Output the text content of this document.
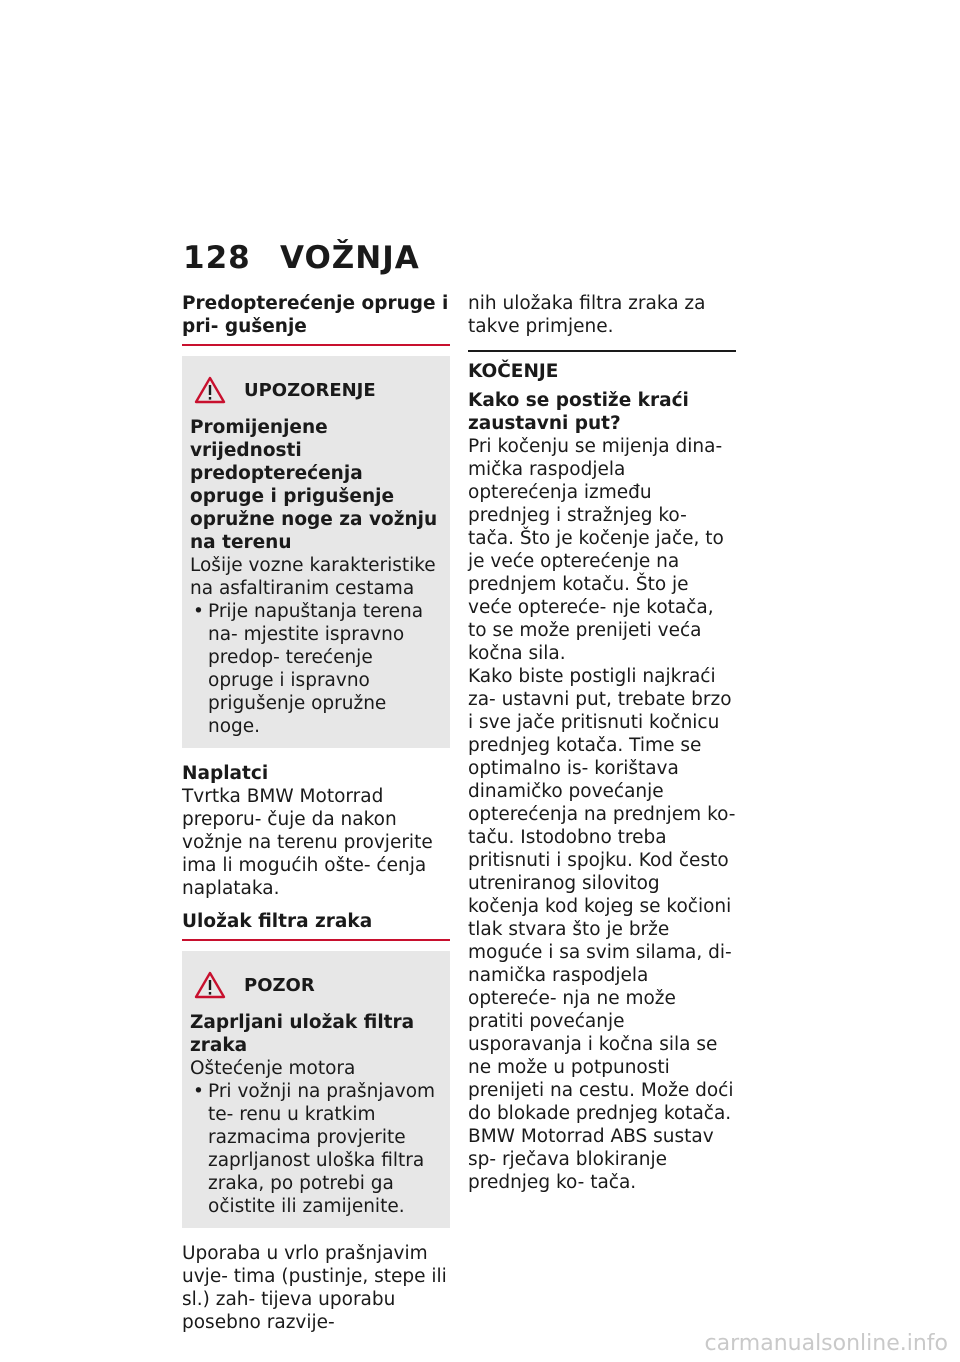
128 VOŽNJA

Predopterećenje opruge i pri- gušenje

UPOZORENJE

Promijenjene vrijednosti predopterećenja opruge i prigušenje opružne noge za vožnju na terenu

Lošije vozne karakteristike na asfaltiranim cestama

• Prije napuštanja terena na- mjestite ispravno predop- terećenje opruge i ispravno prigušenje opružne noge.

Naplatci

Tvrtka BMW Motorrad preporu- čuje da nakon vožnje na terenu provjerite ima li mogućih ošte- ćenja naplataka.

Uložak filtra zraka

POZOR

Zaprljani uložak filtra zraka

Oštećenje motora

• Pri vožnji na prašnjavom te- renu u kratkim razmacima provjerite zaprljanost uloška filtra zraka, po potrebi ga očistite ili zamijenite.

Uporaba u vrlo prašnjavim uvje- tima (pustinje, stepe ili sl.) zah- tijeva uporabu posebno razvije-

nih uložaka filtra zraka za takve primjene.

KOČENJE

Kako se postiže kraći zaustavni put?

Pri kočenju se mijenja dina- mička raspodjela opterećenja između prednjeg i stražnjeg ko- tača. Što je kočenje jače, to je veće opterećenje na prednjem kotaču. Što je veće optereće- nje kotača, to se može prenijeti veća kočna sila.

Kako biste postigli najkraći za- ustavni put, trebate brzo i sve jače pritisnuti kočnicu prednjeg kotača. Time se optimalno is- korištava dinamičko povećanje opterećenja na prednjem ko- taču. Istodobno treba pritisnuti i spojku. Kod često utreniranog silovitog kočenja kod kojeg se kočioni tlak stvara što je brže moguće i sa svim silama, di- namička raspodjela optereće- nja ne može pratiti povećanje usporavanja i kočna sila se ne može u potpunosti prenijeti na cestu. Može doći do blokade prednjeg kotača.

BMW Motorrad ABS sustav sp- rječava blokiranje prednjeg ko- tača.

carmanualsonline.info
